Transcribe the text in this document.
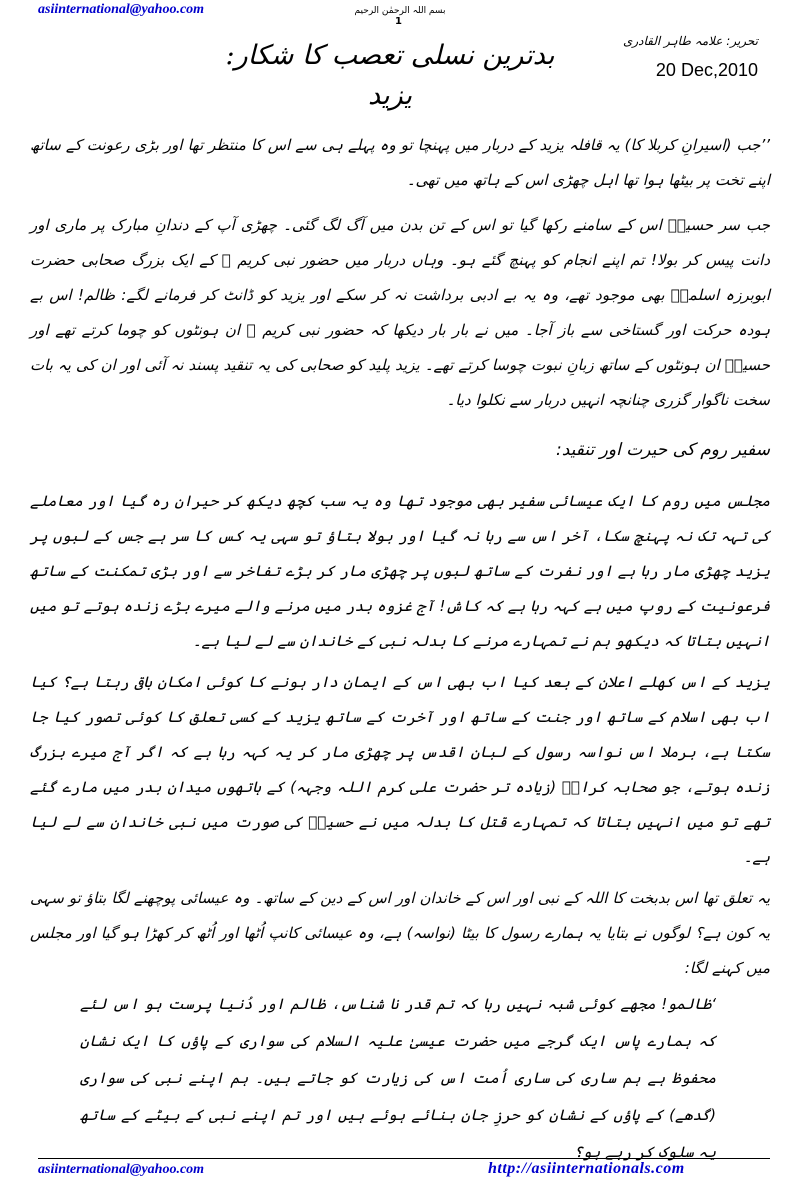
asiinternational@yahoo.com	بسم اللہ الرحمٰن الرحیم
1
بدترین نسلی تعصب کا شکار: یزید
تحریر: علامہ طاہر القادری
20 Dec,2010

’’جب (اسیرانِ کربلا کا) یہ قافلہ یزید کے دربار میں پہنچا تو وہ پہلے ہی سے اس کا منتظر تھا اور بڑی رعونت کے ساتھ اپنے تخت پر بیٹھا ہوا تھا اہل چھڑی اس کے ہاتھ میں تھی۔

جب سر حسینؓ اس کے سامنے رکھا گیا تو اس کے تن بدن میں آگ لگ گئی۔ چھڑی آپ کے دندانِ مبارک پر ماری اور دانت پیس کر بولا! تم اپنے انجام کو پہنچ گئے ہو۔ وہاں دربار میں حضور نبی کریم ﷺ کے ایک بزرگ صحابی حضرت ابوبرزہ اسلمیؓ بھی موجود تھے، وہ یہ بے ادبی برداشت نہ کر سکے اور یزید کو ڈانٹ کر فرمانے لگے: ظالم! اس بے ہودہ حرکت اور گستاخی سے باز آجا۔ میں نے بار بار دیکھا کہ حضور نبی کریم ﷺ ان ہونٹوں کو چوما کرتے تھے اور حسینؓ ان ہونٹوں کے ساتھ زبانِ نبوت چوسا کرتے تھے۔ یزید پلید کو صحابی کی یہ تنقید پسند نہ آئی اور ان کی یہ بات سخت ناگوار گزری چنانچہ انہیں دربار سے نکلوا دیا۔

سفیر روم کی حیرت اور تنقید:

مجلس میں روم کا ایک عیسائی سفیر بھی موجود تھا وہ یہ سب کچھ دیکھ کر حیران رہ گیا اور معاملے کی تہہ تک نہ پہنچ سکا، آخر اس سے رہا نہ گیا اور بولا بتاؤ تو سہی یہ کس کا سر ہے جس کے لبوں پر یزید چھڑی مار رہا ہے اور نفرت کے ساتھ لبوں پر چھڑی مار کر بڑے تفاخر سے اور بڑی تمکنت کے ساتھ فرعونیت کے روپ میں ہے کہہ رہا ہے کہ کاش! آج غزوہ بدر میں مرنے والے میرے بڑے زندہ ہوتے تو میں انہیں بتاتا کہ دیکھو ہم نے تمہارے مرنے کا بدلہ نبی کے خاندان سے لے لیا ہے۔

یزید کے اس کھلے اعلان کے بعد کیا اب بھی اس کے ایمان دار ہونے کا کوئی امکان باقی رہتا ہے؟ کیا اب بھی اسلام کے ساتھ اور جنت کے ساتھ اور آخرت کے ساتھ یزید کے کسی تعلق کا کوئی تصور کیا جا سکتا ہے، برملا اس نواسہ رسول کے لبانِ اقدس پر چھڑی مار کر یہ کہہ رہا ہے کہ اگر آج میرے بزرگ زندہ ہوتے، جو صحابہ کرامؓ (زیادہ تر حضرت علی کرم اللہ وجہہ) کے ہاتھوں میدان بدر میں مارے گئے تھے تو میں انہیں بتاتا کہ تمہارے قتل کا بدلہ میں نے حسینؓ کی صورت میں نبی خاندان سے لے لیا ہے۔

یہ تعلق تھا اس بدبخت کا اللہ کے نبی اور اس کے خاندان اور اس کے دین کے ساتھ۔ وہ عیسائی پوچھنے لگا بتاؤ تو سہی یہ کون ہے؟ لوگوں نے بتایا یہ ہمارے رسول کا بیٹا (نواسہ) ہے، وہ عیسائی کانپ اُٹھا اور اُٹھ کر کھڑا ہو گیا اور مجلس میں کہنے لگا:

‘ظالمو! مجھے کوئی شبہ نہیں رہا کہ تم قدر نا شناس، ظالم اور دُنیا پرست ہو اس لئے کہ ہمارے پاس ایک گرجے میں حضرت عیسیٰ علیہ السلام کی سواری کے پاؤں کا ایک نشان محفوظ ہے ہم ساری کی ساری اُمت اس کی زیارت کو جاتے ہیں۔ ہم اپنے نبی کی سواری (گدھے) کے پاؤں کے نشان کو حرزِ جان بنائے ہوئے ہیں اور تم اپنے نبی کے بیٹے کے ساتھ یہ سلوک کر رہے ہو؟

asiinternational@yahoo.com	http://asiinternationals.com
